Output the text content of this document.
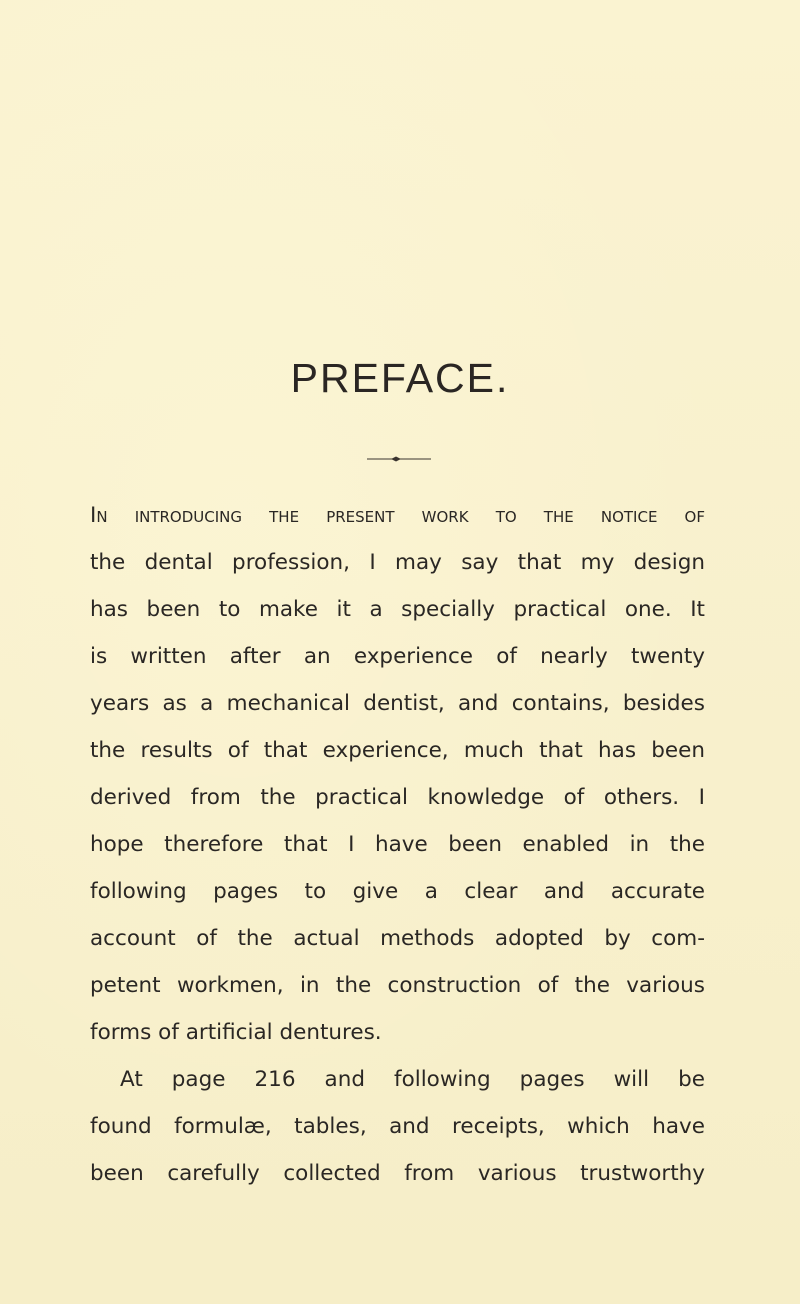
PREFACE.
In introducing the present work to the notice of
the dental profession, I may say that my design
has been to make it a specially practical one. It
is written after an experience of nearly twenty
years as a mechanical dentist, and contains, besides
the results of that experience, much that has been
derived from the practical knowledge of others. I
hope therefore that I have been enabled in the
following pages to give a clear and accurate
account of the actual methods adopted by com-
petent workmen, in the construction of the various
forms of artificial dentures.
At page 216 and following pages will be
found formulæ, tables, and receipts, which have
been carefully collected from various trustworthy
